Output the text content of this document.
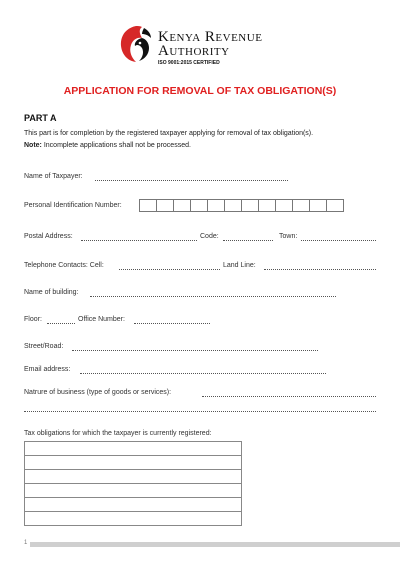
Kenya Revenue
Authority
ISO 9001:2015 CERTIFIED
APPLICATION FOR REMOVAL OF TAX OBLIGATION(S)
PART A
This part is for completion by the registered taxpayer applying for removal of tax obligation(s).
Note: Incomplete applications shall not be processed.
Name of Taxpayer:
Personal Identification Number:
Postal Address:	Code:	Town:
Telephone Contacts: Cell:	Land Line:
Name of building:
Floor:	Office Number:
Street/Road:
Email address:
Natrure of business (type of goods or services):
Tax obligations for which the taxpayer is currently registered:

1
